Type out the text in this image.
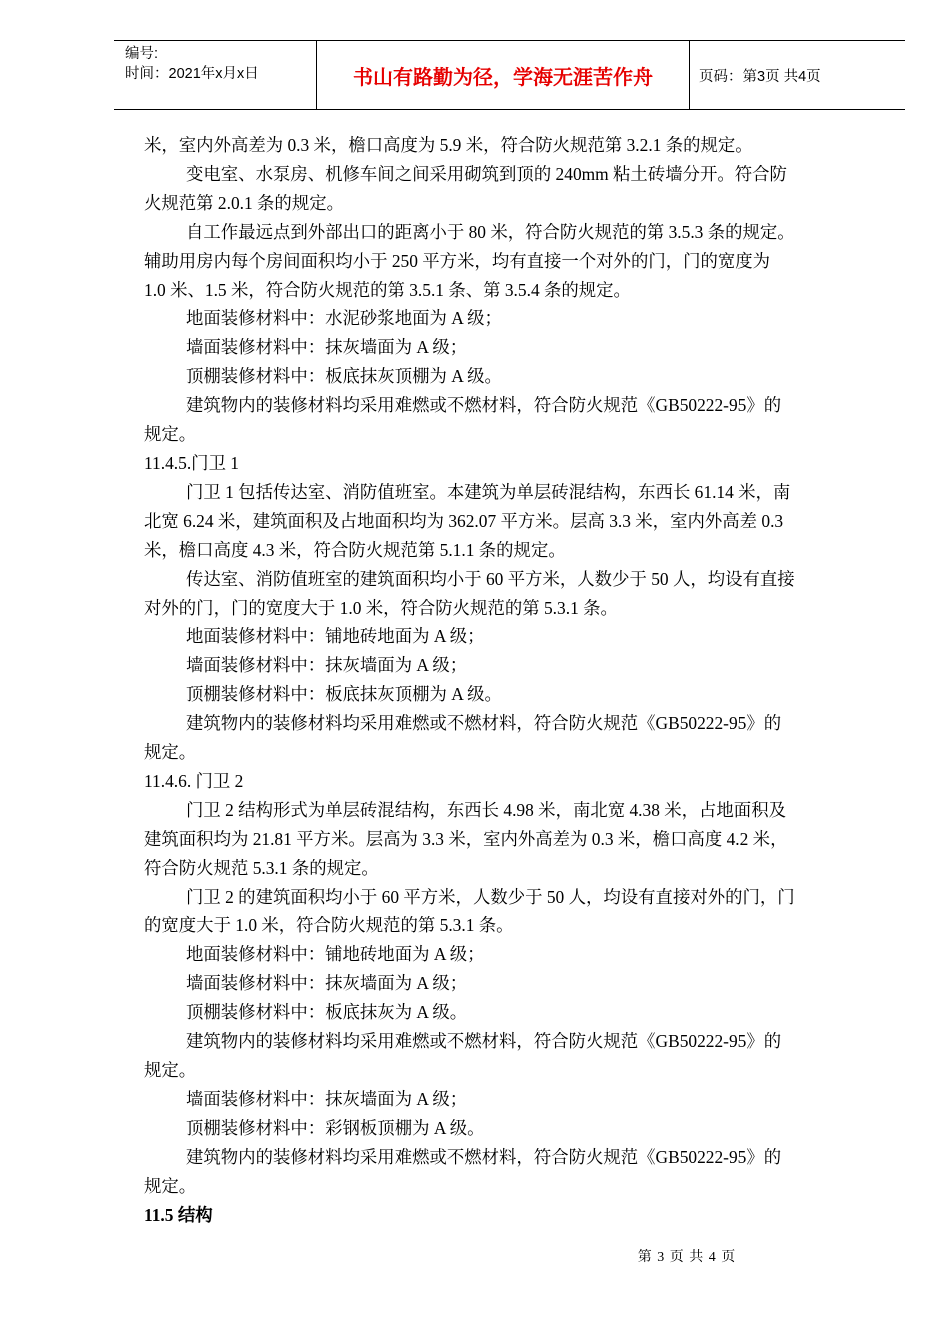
编号:
时间：2021年x月x日	书山有路勤为径，学海无涯苦作舟	页码：第3页 共4页

米，室内外高差为 0.3 米，檐口高度为 5.9 米，符合防火规范第 3.2.1 条的规定。

变电室、水泵房、机修车间之间采用砌筑到顶的 240mm 粘土砖墙分开。符合防

火规范第 2.0.1 条的规定。

自工作最远点到外部出口的距离小于 80 米，符合防火规范的第 3.5.3 条的规定。

辅助用房内每个房间面积均小于 250 平方米，均有直接一个对外的门，门的宽度为

1.0 米、1.5 米，符合防火规范的第 3.5.1 条、第 3.5.4 条的规定。

地面装修材料中：水泥砂浆地面为 A 级；

墙面装修材料中：抹灰墙面为 A 级；

顶棚装修材料中：板底抹灰顶棚为 A 级。

建筑物内的装修材料均采用难燃或不燃材料，符合防火规范《GB50222-95》的

规定。

11.4.5.门卫 1

门卫 1 包括传达室、消防值班室。本建筑为单层砖混结构，东西长 61.14 米，南

北宽 6.24 米，建筑面积及占地面积均为 362.07 平方米。层高 3.3 米，室内外高差 0.3

米，檐口高度 4.3 米，符合防火规范第 5.1.1 条的规定。

传达室、消防值班室的建筑面积均小于 60 平方米，人数少于 50 人，均设有直接

对外的门，门的宽度大于 1.0 米，符合防火规范的第 5.3.1 条。

地面装修材料中：铺地砖地面为 A 级；

墙面装修材料中：抹灰墙面为 A 级；

顶棚装修材料中：板底抹灰顶棚为 A 级。

建筑物内的装修材料均采用难燃或不燃材料，符合防火规范《GB50222-95》的

规定。

11.4.6. 门卫 2

门卫 2 结构形式为单层砖混结构，东西长 4.98 米，南北宽 4.38 米，占地面积及

建筑面积均为 21.81 平方米。层高为 3.3 米，室内外高差为 0.3 米，檐口高度 4.2 米，

符合防火规范 5.3.1 条的规定。

门卫 2 的建筑面积均小于 60 平方米，人数少于 50 人，均设有直接对外的门，门

的宽度大于 1.0 米，符合防火规范的第 5.3.1 条。

地面装修材料中：铺地砖地面为 A 级；

墙面装修材料中：抹灰墙面为 A 级；

顶棚装修材料中：板底抹灰为 A 级。

建筑物内的装修材料均采用难燃或不燃材料，符合防火规范《GB50222-95》的

规定。

墙面装修材料中：抹灰墙面为 A 级；

顶棚装修材料中：彩钢板顶棚为 A 级。

建筑物内的装修材料均采用难燃或不燃材料，符合防火规范《GB50222-95》的

规定。

11.5 结构

第 3 页 共 4 页
